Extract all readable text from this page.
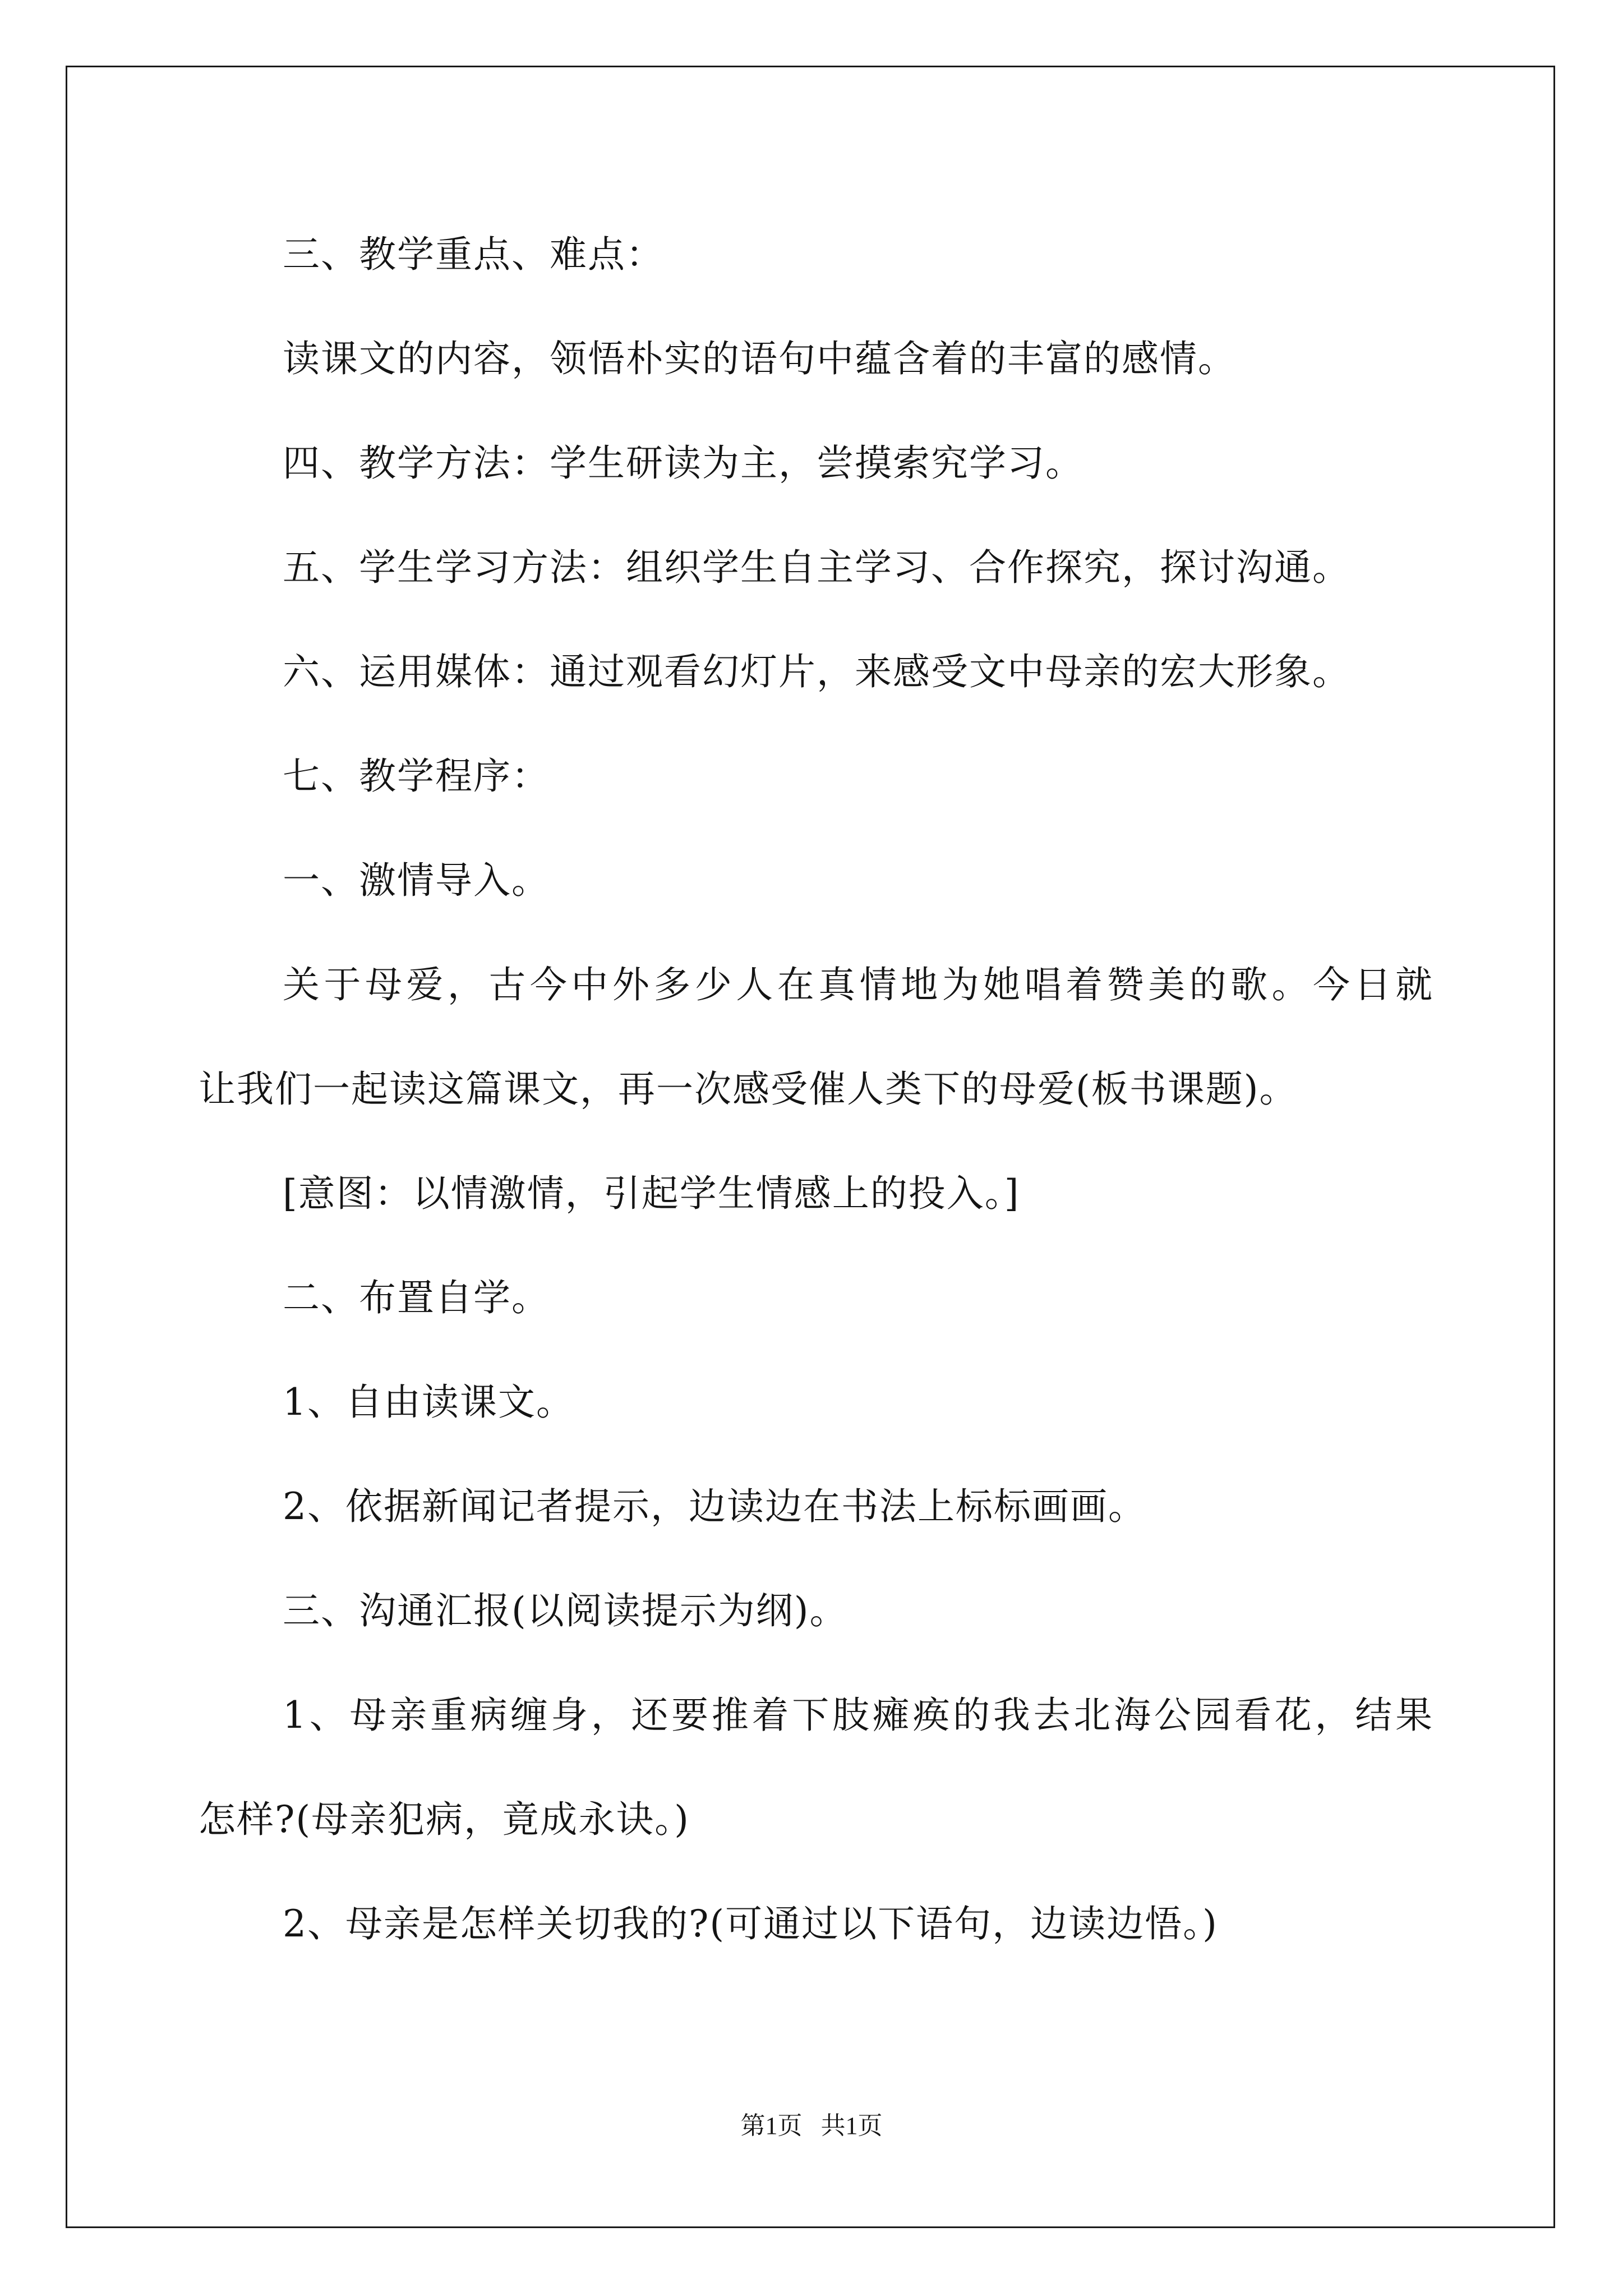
三、教学重点、难点：
读课文的内容，领悟朴实的语句中蕴含着的丰富的感情。
四、教学方法：学生研读为主，尝摸索究学习。
五、学生学习方法：组织学生自主学习、合作探究，探讨沟通。
六、运用媒体：通过观看幻灯片，来感受文中母亲的宏大形象。
七、教学程序：
一、激情导入。
关于母爱，古今中外多少人在真情地为她唱着赞美的歌。今日就
让我们一起读这篇课文，再一次感受催人类下的母爱(板书课题)。
[意图：以情激情，引起学生情感上的投入。]
二、布置自学。
1、自由读课文。
2、依据新闻记者提示，边读边在书法上标标画画。
三、沟通汇报(以阅读提示为纲)。
1、母亲重病缠身，还要推着下肢瘫痪的我去北海公园看花，结果
怎样?(母亲犯病，竟成永诀。)
2、母亲是怎样关切我的?(可通过以下语句，边读边悟。)
第1页   共1页
